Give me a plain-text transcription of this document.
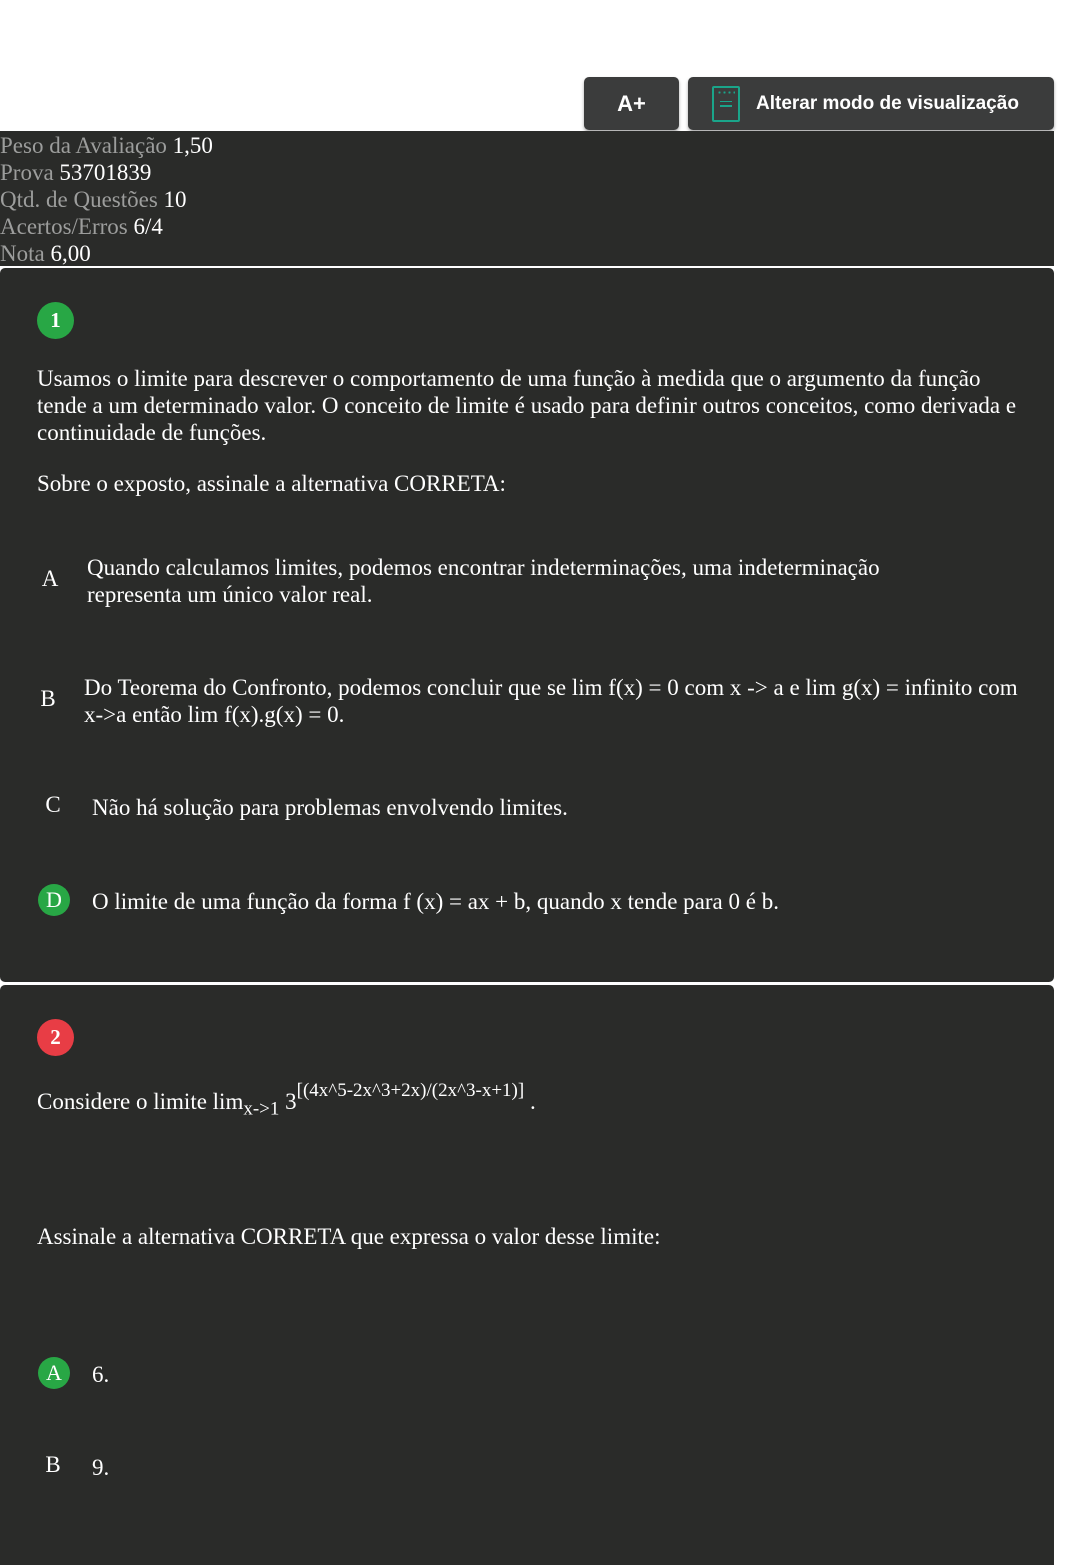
A+	Alterar modo de visualização
Peso da Avaliação 1,50
Prova 53701839
Qtd. de Questões 10
Acertos/Erros 6/4
Nota 6,00
1
Usamos o limite para descrever o comportamento de uma função à medida que o argumento da função tende a um determinado valor. O conceito de limite é usado para definir outros conceitos, como derivada e continuidade de funções.
Sobre o exposto, assinale a alternativa CORRETA:
A Quando calculamos limites, podemos encontrar indeterminações, uma indeterminação representa um único valor real.
B Do Teorema do Confronto, podemos concluir que se lim f(x) = 0 com x -> a e lim g(x) = infinito com x->a então lim f(x).g(x) = 0.
C Não há solução para problemas envolvendo limites.
D	O limite de uma função da forma f (x) = ax + b, quando x tende para 0 é b.
2
Considere o limite $\lim_{x->1} 3[(4x\^{}5-2x\^{}3+2x)/(2x\^{}3-x+1)]$ .
Assinale a alternativa CORRETA que expressa o valor desse limite:
A	6.
B 9.
